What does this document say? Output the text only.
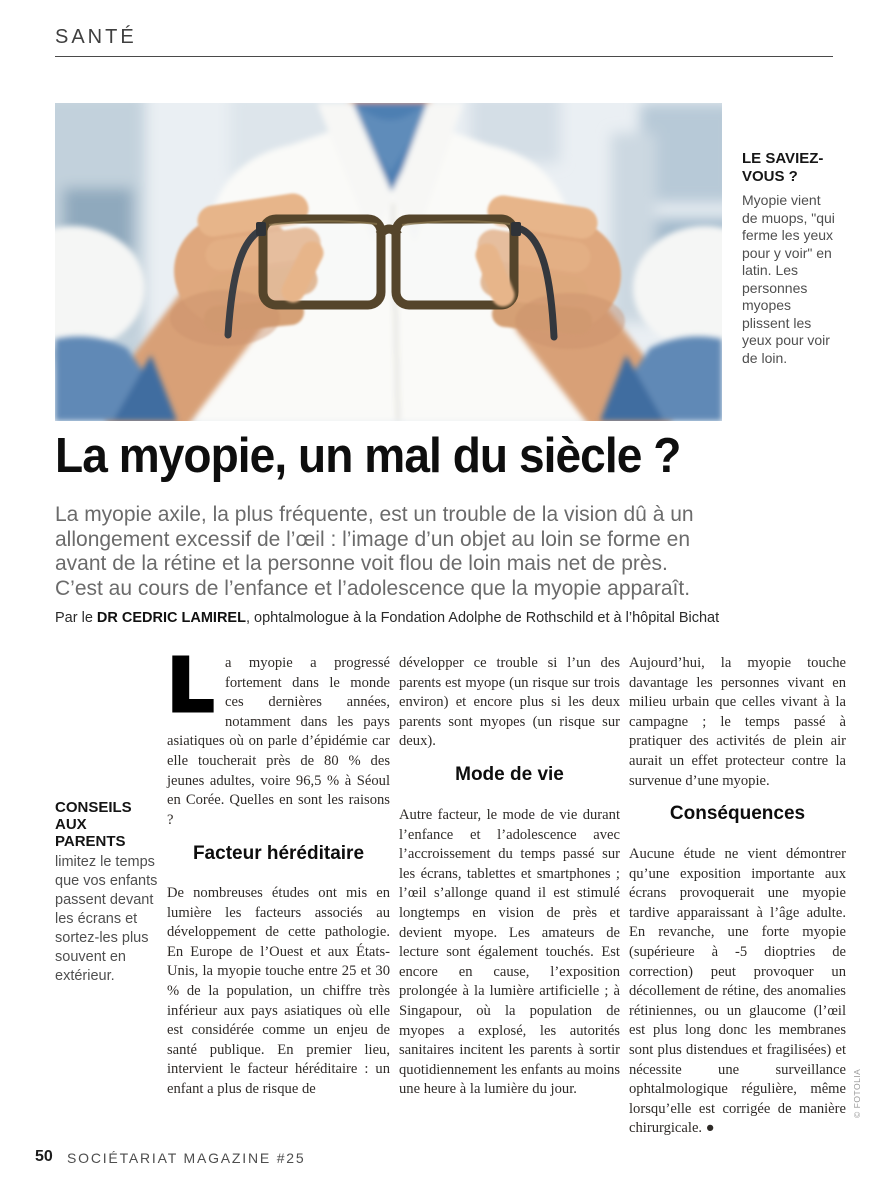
SANTÉ
LE SAVIEZ-VOUS ?
Myopie vient de muops, "qui ferme les yeux pour y voir" en latin. Les personnes myopes plissent les yeux pour voir de loin.
La myopie, un mal du siècle ?
La myopie axile, la plus fréquente, est un trouble de la vision dû à un allongement excessif de l’œil : l’image d’un objet au loin se forme en avant de la rétine et la personne voit flou de loin mais net de près. C’est au cours de l’enfance et l’adolescence que la myopie apparaît.
Par le DR CEDRIC LAMIREL, ophtalmologue à la Fondation Adolphe de Rothschild et à l’hôpital Bichat
CONSEILS AUX PARENTS
limitez le temps que vos enfants passent devant les écrans et sortez-les plus souvent en extérieur.
La myopie a progressé fortement dans le monde ces dernières années, notamment dans les pays asiatiques où on parle d’épidémie car elle toucherait près de 80 % des jeunes adultes, voire 96,5 % à Séoul en Corée. Quelles en sont les raisons ?
Facteur héréditaire
De nombreuses études ont mis en lumière les facteurs associés au développement de cette pathologie. En Europe de l’Ouest et aux États-Unis, la myopie touche entre 25 et 30 % de la population, un chiffre très inférieur aux pays asiatiques où elle est considérée comme un enjeu de santé publique. En premier lieu, intervient le facteur héréditaire : un enfant a plus de risque de
développer ce trouble si l’un des parents est myope (un risque sur trois environ) et encore plus si les deux parents sont myopes (un risque sur deux).
Mode de vie
Autre facteur, le mode de vie durant l’enfance et l’adolescence avec l’accroissement du temps passé sur les écrans, tablettes et smartphones ; l’œil s’allonge quand il est stimulé longtemps en vision de près et devient myope. Les amateurs de lecture sont également touchés. Est encore en cause, l’exposition prolongée à la lumière artificielle ; à Singapour, où la population de myopes a explosé, les autorités sanitaires incitent les parents à sortir quotidiennement les enfants au moins une heure à la lumière du jour.
Aujourd’hui, la myopie touche davantage les personnes vivant en milieu urbain que celles vivant à la campagne ; le temps passé à pratiquer des activités de plein air aurait un effet protecteur contre la survenue d’une myopie.
Conséquences
Aucune étude ne vient démontrer qu’une exposition importante aux écrans provoquerait une myopie tardive apparaissant à l’âge adulte. En revanche, une forte myopie (supérieure à -5 dioptries de correction) peut provoquer un décollement de rétine, des anomalies rétiniennes, ou un glaucome (l’œil est plus long donc les membranes sont plus distendues et fragilisées) et nécessite une surveillance ophtalmologique régulière, même lorsqu’elle est corrigée de manière chirurgicale. ●
50 SOCIÉTARIAT MAGAZINE #25
© FOTOLIA
